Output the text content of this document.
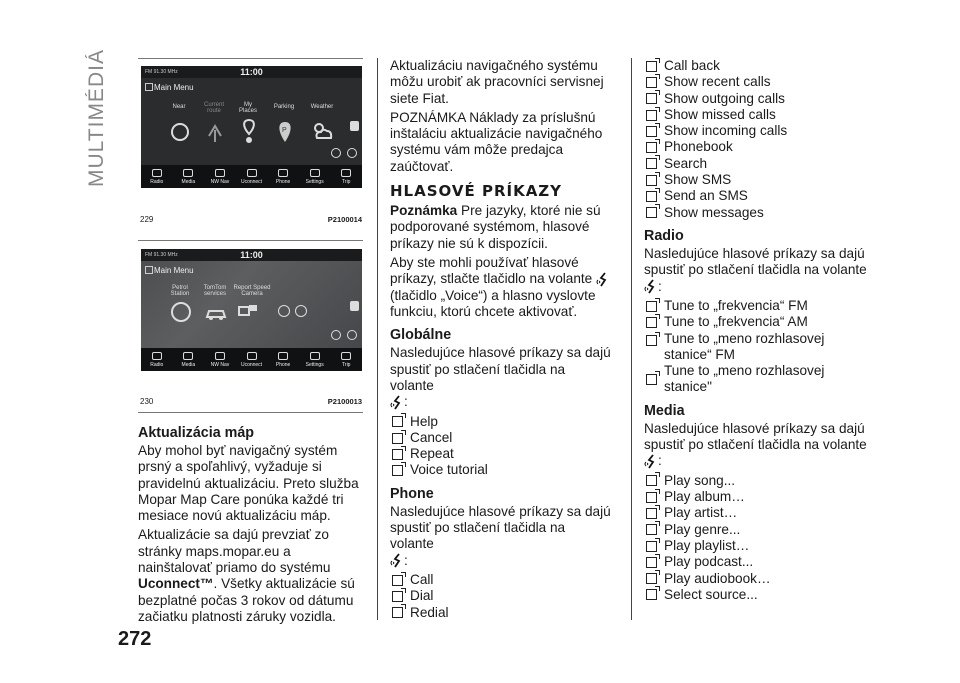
MULTIMÉDIÁ
272
FM 91.30 MHz	11:00
Main Menu
Near	Current route
My Places
Parking	Weather
P
Radio	Media	NW Nav	Uconnect	Phone	Settings	Trip
229	P2100014
FM 91.30 MHz	11:00
Main Menu
Petrol Station
TomTom services
Report Speed Camera
Radio	Media	NW Nav	Uconnect	Phone	Settings	Trip
230	P2100013
Aktualizácia máp

Aby mohol byť navigačný systém prsný a spoľahlivý, vyžaduje si pravidelnú aktualizáciu. Preto služba Mopar Map Care ponúka každé tri mesiace novú aktualizáciu máp.

Aktualizácie sa dajú prevziať zo stránky maps.mopar.eu a nainštalovať priamo do systému Uconnect™. Všetky aktualizácie sú bezplatné počas 3 rokov od dátumu začiatku platnosti záruky vozidla.

Aktualizáciu navigačného systému môžu urobiť ak pracovníci servisnej siete Fiat.

POZNÁMKA Náklady za príslušnú inštaláciu aktualizácie navigačného systému vám môže predajca zaúčtovať.

HLASOVÉ PRÍKAZY

Poznámka Pre jazyky, ktoré nie sú podporované systémom, hlasové príkazy nie sú k dispozícii.

Aby ste mohli používať hlasové príkazy, stlačte tlačidlo na volante  (tlačidlo „Voice“) a hlasno vyslovte funkciu, ktorú chcete aktivovať.

Globálne

Nasledujúce hlasové príkazy sa dajú spustiť po stlačení tlačidla na volante
:

Help
Cancel
Repeat
Voice tutorial
Phone

Nasledujúce hlasové príkazy sa dajú spustiť po stlačení tlačidla na volante
:

Call
Dial
Redial
Call back
Show recent calls
Show outgoing calls
Show missed calls
Show incoming calls
Phonebook
Search
Show SMS
Send an SMS
Show messages
Radio

Nasledujúce hlasové príkazy sa dajú spustiť po stlačení tlačidla na volante
:

Tune to „frekvencia“ FM
Tune to „frekvencia“ AM
Tune to „meno rozhlasovej stanice“ FM
Tune to „meno rozhlasovej stanice"
Media

Nasledujúce hlasové príkazy sa dajú spustiť po stlačení tlačidla na volante
:

Play song...
Play album…
Play artist…
Play genre...
Play playlist…
Play podcast...
Play audiobook…
Select source...
